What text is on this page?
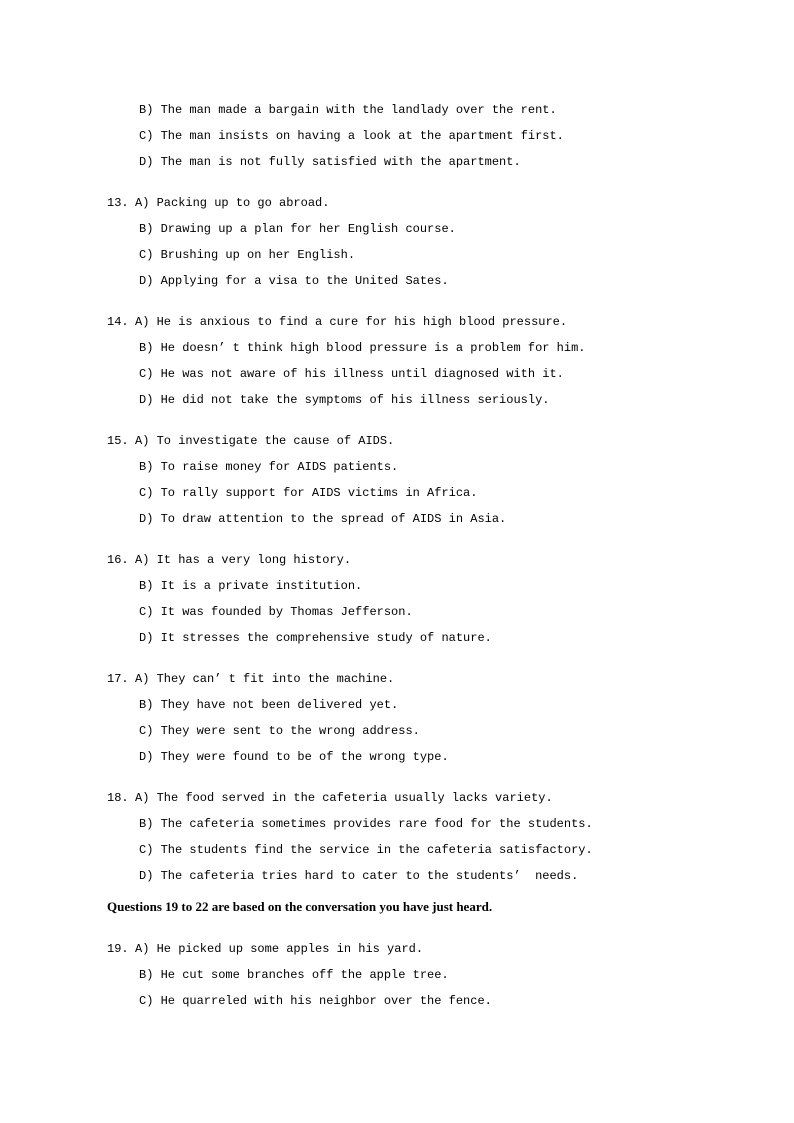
B) The man made a bargain with the landlady over the rent.
C) The man insists on having a look at the apartment first.
D) The man is not fully satisfied with the apartment.
13. A) Packing up to go abroad.
B) Drawing up a plan for her English course.
C) Brushing up on her English.
D) Applying for a visa to the United Sates.
14. A) He is anxious to find a cure for his high blood pressure.
B) He doesn’ t think high blood pressure is a problem for him.
C) He was not aware of his illness until diagnosed with it.
D) He did not take the symptoms of his illness seriously.
15. A) To investigate the cause of AIDS.
B) To raise money for AIDS patients.
C) To rally support for AIDS victims in Africa.
D) To draw attention to the spread of AIDS in Asia.
16. A) It has a very long history.
B) It is a private institution.
C) It was founded by Thomas Jefferson.
D) It stresses the comprehensive study of nature.
17. A) They can’ t fit into the machine.
B) They have not been delivered yet.
C) They were sent to the wrong address.
D) They were found to be of the wrong type.
18. A) The food served in the cafeteria usually lacks variety.
B) The cafeteria sometimes provides rare food for the students.
C) The students find the service in the cafeteria satisfactory.
D) The cafeteria tries hard to cater to the students’  needs.
Questions 19 to 22 are based on the conversation you have just heard.
19. A) He picked up some apples in his yard.
B) He cut some branches off the apple tree.
C) He quarreled with his neighbor over the fence.
